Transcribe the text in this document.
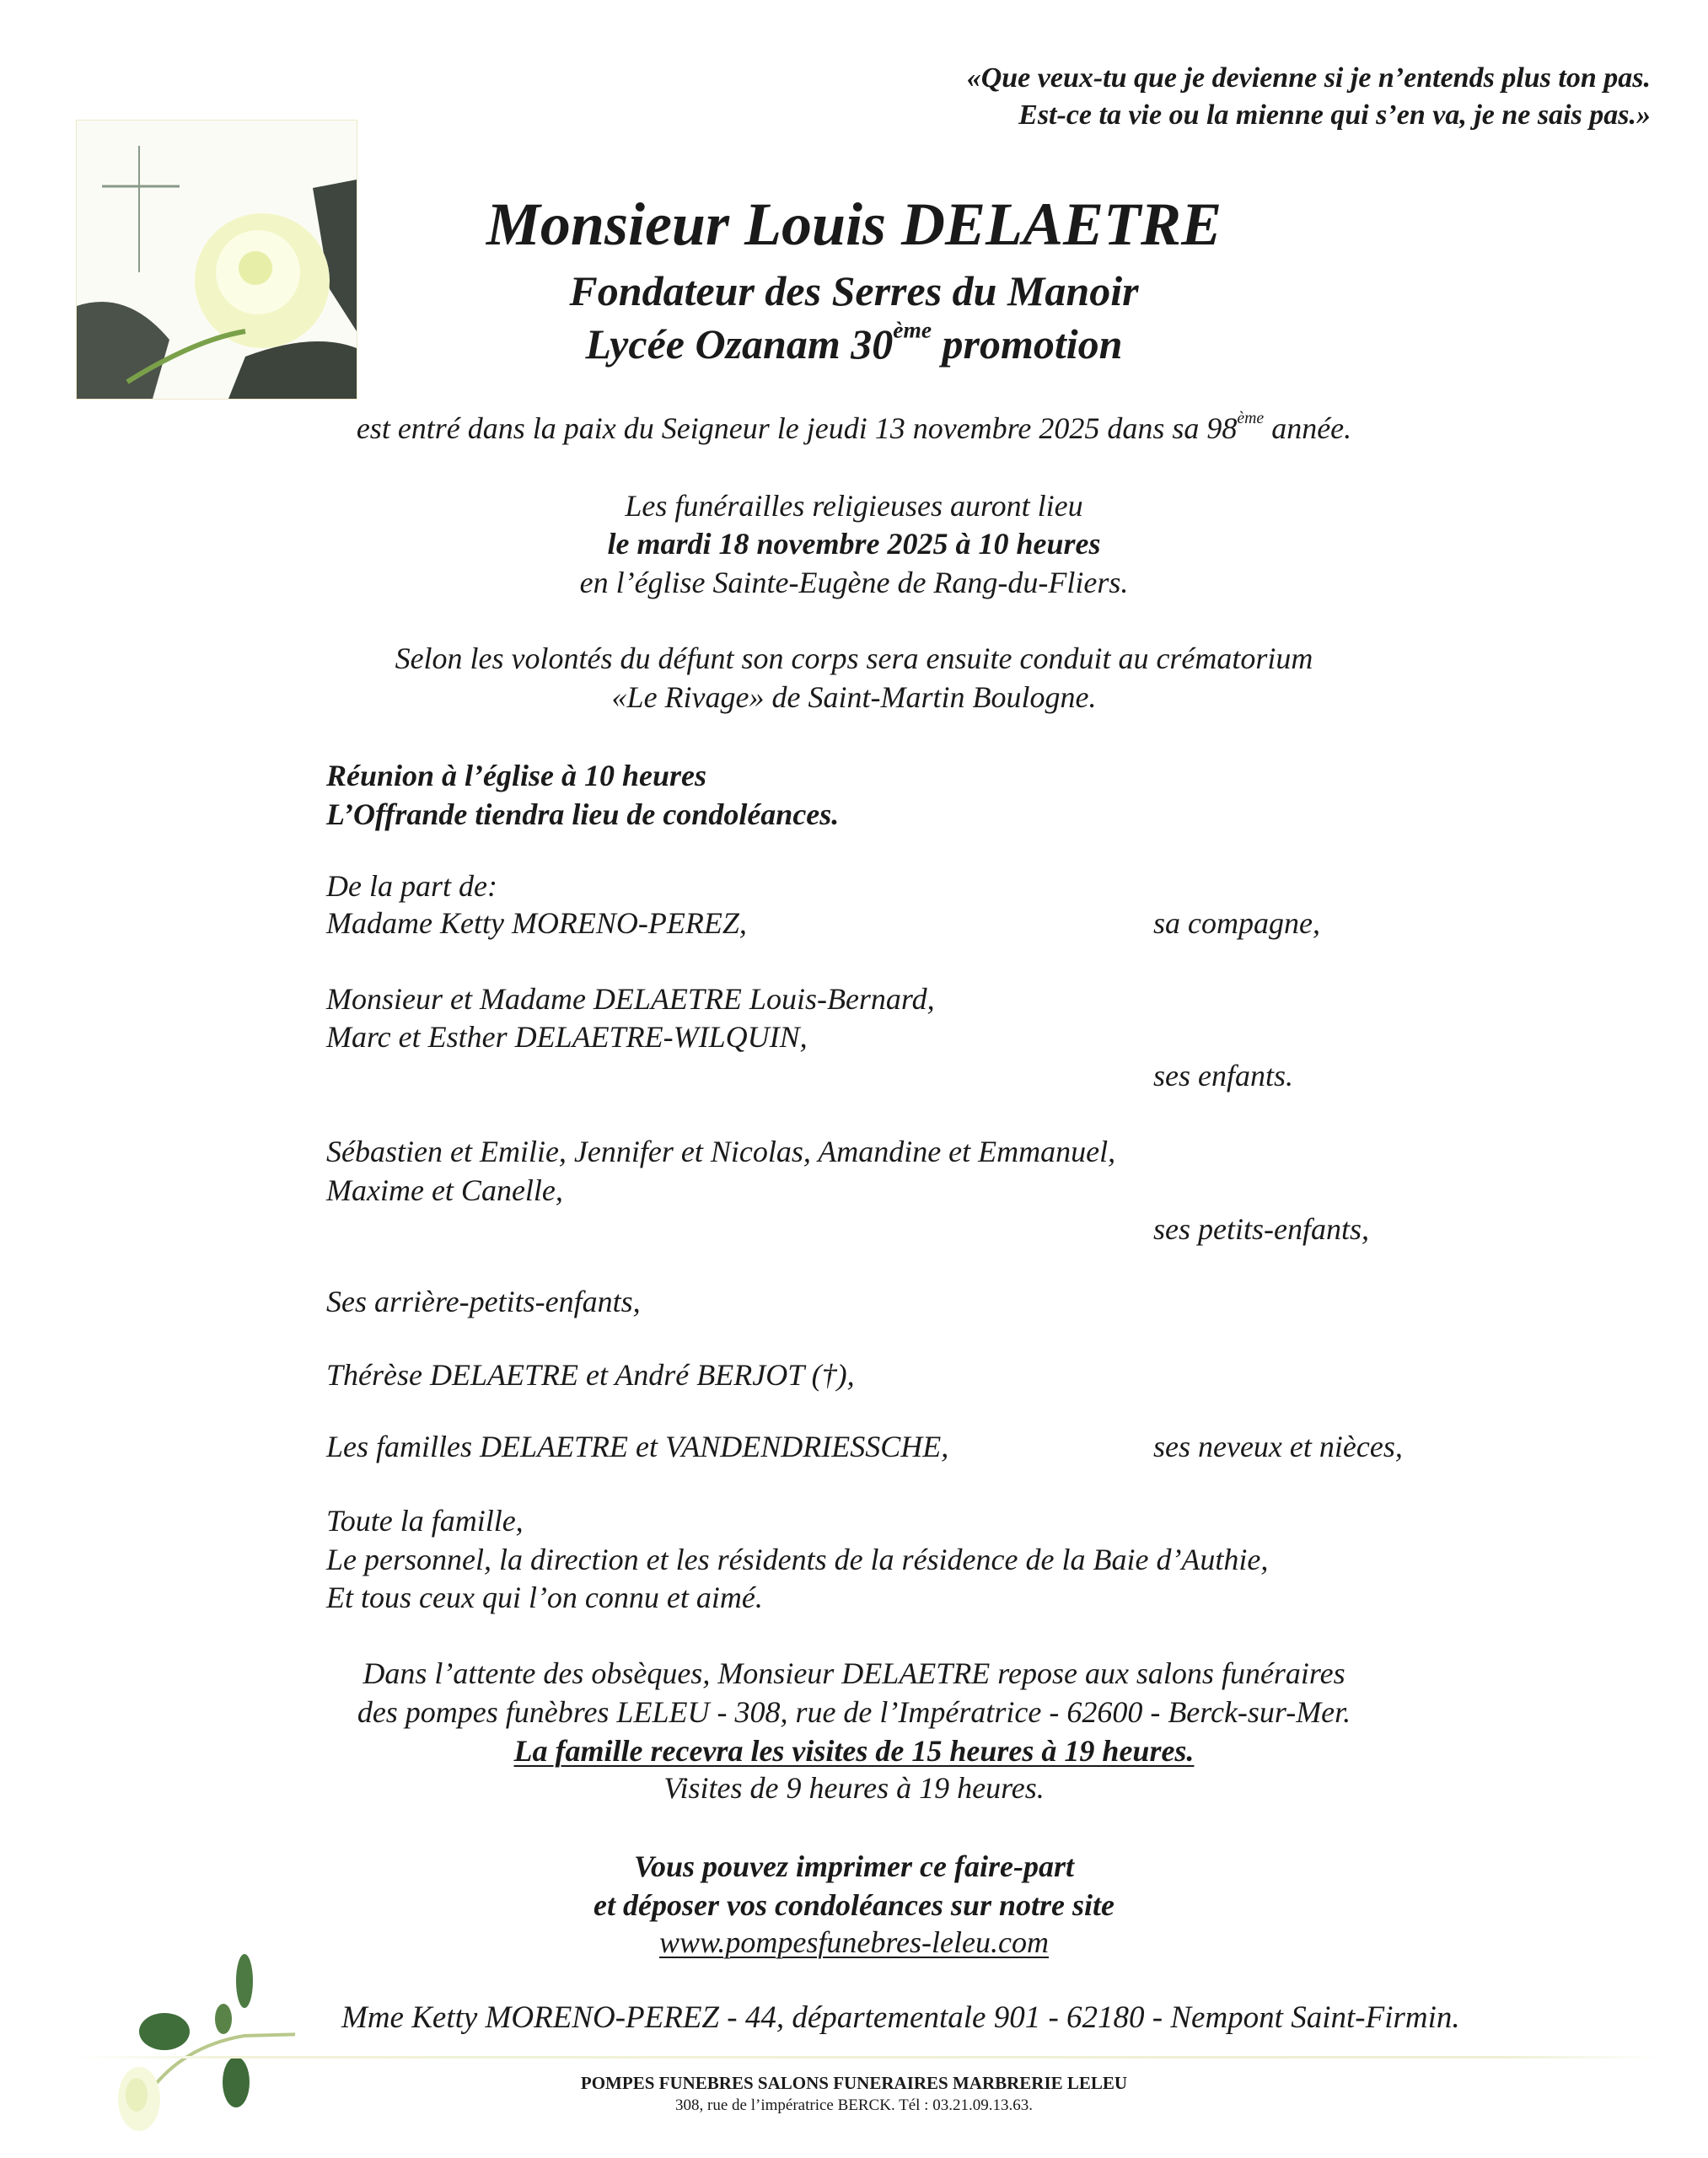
«Que veux-tu que je devienne si je n’entends plus ton pas.
Est-ce ta vie ou la mienne qui s’en va, je ne sais pas.»
Monsieur Louis DELAETRE
Fondateur des Serres du Manoir
Lycée Ozanam 30ème promotion
est entré dans la paix du Seigneur le jeudi 13 novembre 2025 dans sa 98ème année.
Les funérailles religieuses auront lieu
le mardi 18 novembre 2025 à 10 heures
en l’église Sainte-Eugène de Rang-du-Fliers.
Selon les volontés du défunt son corps sera ensuite conduit au crématorium
«Le Rivage» de Saint-Martin Boulogne.
Réunion à l’église à 10 heures
L’Offrande tiendra lieu de condoléances.
De la part de:
Madame Ketty MORENO-PEREZ,	sa compagne,
Monsieur et Madame DELAETRE Louis-Bernard,
Marc et Esther DELAETRE-WILQUIN,
ses enfants.
Sébastien et Emilie, Jennifer et Nicolas, Amandine et Emmanuel,
Maxime et Canelle,
ses petits-enfants,
Ses arrière-petits-enfants,
Thérèse DELAETRE et André BERJOT (†),
Les familles DELAETRE et VANDENDRIESSCHE,	ses neveux et nièces,
Toute la famille,
Le personnel, la direction et les résidents de la résidence de la Baie d’Authie,
Et tous ceux qui l’on connu et aimé.
Dans l’attente des obsèques, Monsieur DELAETRE repose aux salons funéraires
des pompes funèbres LELEU - 308, rue de l’Impératrice - 62600 - Berck-sur-Mer.
La famille recevra les visites de 15 heures à 19 heures.
Visites de 9 heures à 19 heures.
Vous pouvez imprimer ce faire-part
et déposer vos condoléances sur notre site
www.pompesfunebres-leleu.com
Mme Ketty MORENO-PEREZ - 44, départementale 901 - 62180 - Nempont Saint-Firmin.
POMPES FUNEBRES SALONS FUNERAIRES MARBRERIE LELEU
308, rue de l’impératrice BERCK. Tél : 03.21.09.13.63.
